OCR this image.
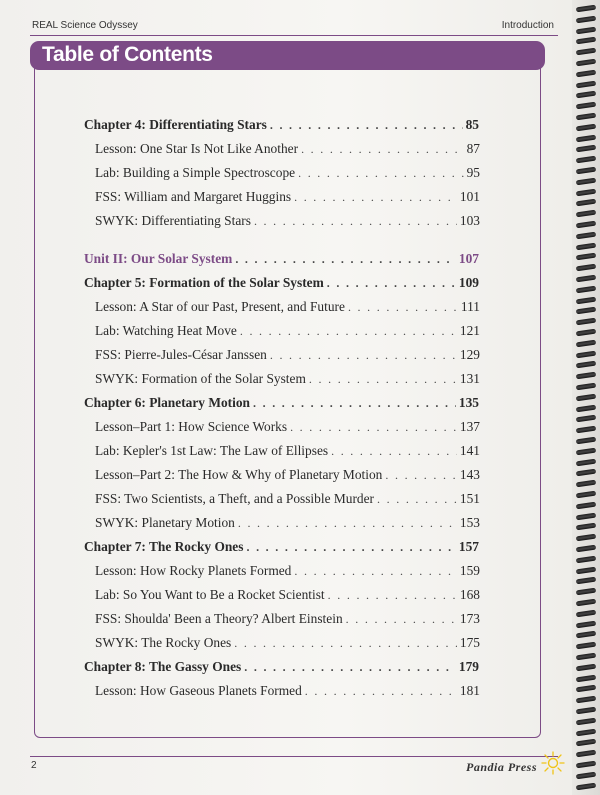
REAL Science Odyssey	Introduction
Table of Contents
Chapter 4: Differentiating Stars . . .	85
Lesson: One Star Is Not Like Another . . .	87
Lab: Building a Simple Spectroscope . . .	95
FSS: William and Margaret Huggins . . .	101
SWYK: Differentiating Stars . . .	103
Unit II: Our Solar System . . .	107
Chapter 5: Formation of the Solar System . . .	109
Lesson: A Star of our Past, Present, and Future . . .	111
Lab: Watching Heat Move . . .	121
FSS: Pierre-Jules-César Janssen . . .	129
SWYK: Formation of the Solar System . . .	131
Chapter 6: Planetary Motion . . .	135
Lesson–Part 1: How Science Works . . .	137
Lab: Kepler's 1st Law: The Law of Ellipses . . .	141
Lesson–Part 2: The How & Why of Planetary Motion . . .	143
FSS: Two Scientists, a Theft, and a Possible Murder . . .	151
SWYK: Planetary Motion . . .	153
Chapter 7: The Rocky Ones . . .	157
Lesson: How Rocky Planets Formed . . .	159
Lab: So You Want to Be a Rocket Scientist . . .	168
FSS: Shoulda' Been a Theory? Albert Einstein . . .	173
SWYK: The Rocky Ones . . .	175
Chapter 8: The Gassy Ones . . .	179
Lesson: How Gaseous Planets Formed . . .	181
2	Pandia Press
